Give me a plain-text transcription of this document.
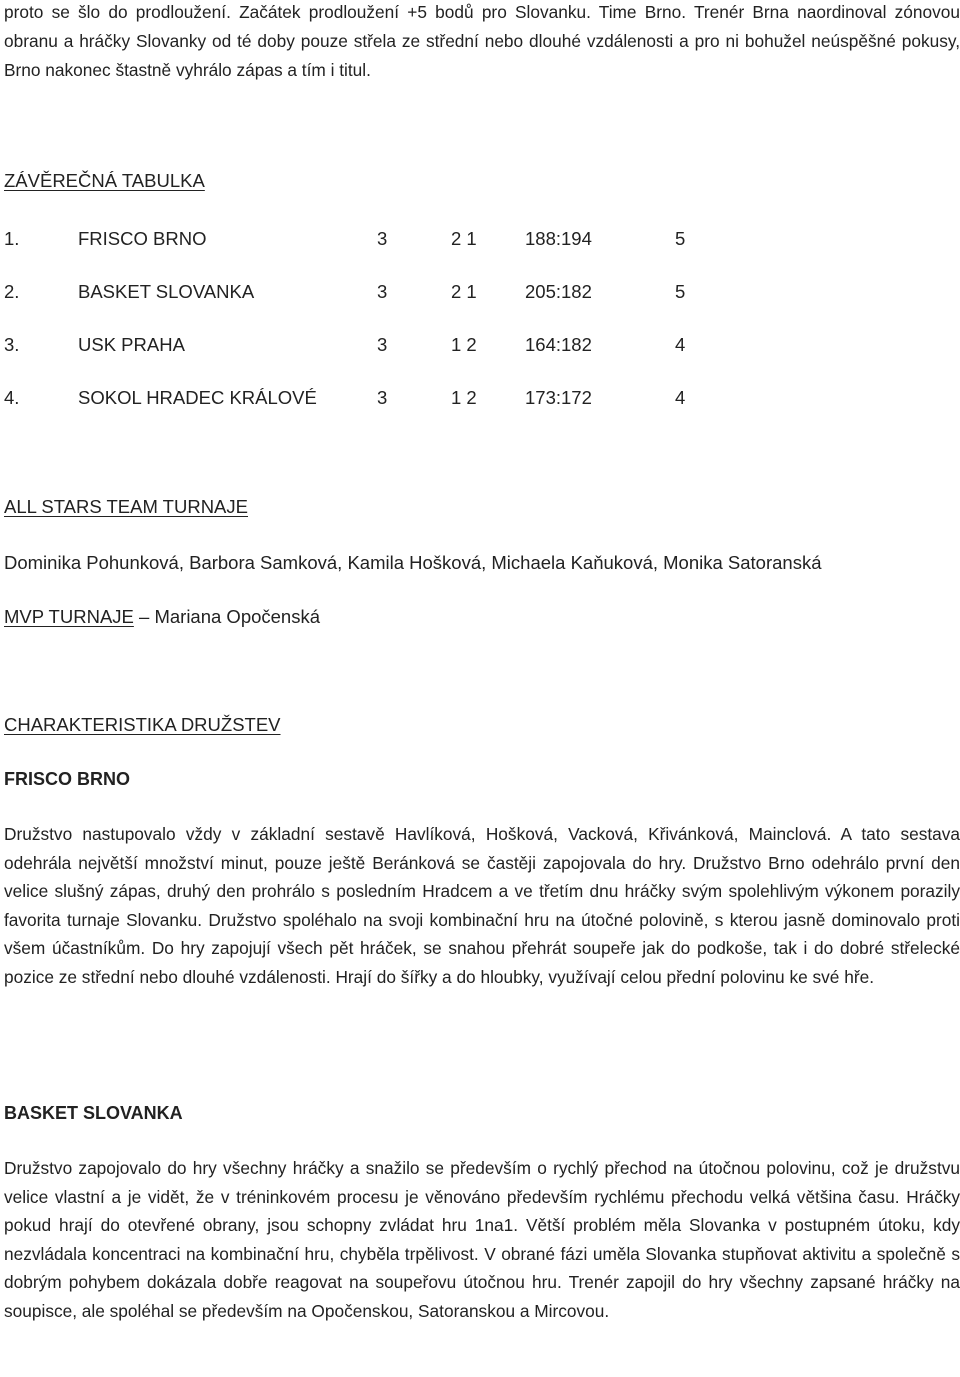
proto se šlo do prodloužení. Začátek prodloužení +5 bodů pro Slovanku. Time Brno. Trenér Brna naordinoval zónovou obranu a hráčky Slovanky od té doby pouze střela ze střední nebo dlouhé vzdálenosti a pro ni bohužel neúspěšné pokusy, Brno nakonec štastně vyhrálo zápas a tím i titul.

ZÁVĚREČNÁ TABULKA
1.	FRISCO BRNO	3	2 1	188:194	5
2.	BASKET SLOVANKA	3	2 1	205:182	5
3.	USK PRAHA	3	1 2	164:182	4
4.	SOKOL HRADEC KRÁLOVÉ	3	1 2	173:172	4
ALL STARS TEAM TURNAJE

Dominika Pohunková, Barbora Samková, Kamila Hošková, Michaela Kaňuková, Monika Satoranská

MVP TURNAJE – Mariana Opočenská

CHARAKTERISTIKA DRUŽSTEV
FRISCO BRNO

Družstvo nastupovalo vždy v základní sestavě Havlíková, Hošková, Vacková, Křivánková, Mainclová. A tato sestava odehrála největší množství minut, pouze ještě Beránková se častěji zapojovala do hry. Družstvo Brno odehrálo první den velice slušný zápas, druhý den prohrálo s posledním Hradcem a ve třetím dnu hráčky svým spolehlivým výkonem porazily favorita turnaje Slovanku. Družstvo spoléhalo na svoji kombinační hru na útočné polovině, s kterou jasně dominovalo proti všem účastníkům. Do hry zapojují všech pět hráček, se snahou přehrát soupeře jak do podkoše, tak i do dobré střelecké pozice ze střední nebo dlouhé vzdálenosti. Hrají do šířky a do hloubky, využívají celou přední polovinu ke své hře.

BASKET SLOVANKA

Družstvo zapojovalo do hry všechny hráčky a snažilo se především o rychlý přechod na útočnou polovinu, což je družstvu velice vlastní a je vidět, že v tréninkovém procesu je věnováno především rychlému přechodu velká většina času. Hráčky pokud hrají do otevřené obrany, jsou schopny zvládat hru 1na1. Větší problém měla Slovanka v postupném útoku, kdy nezvládala koncentraci na kombinační hru, chyběla trpělivost. V obrané fázi uměla Slovanka stupňovat aktivitu a společně s dobrým pohybem dokázala dobře reagovat na soupeřovu útočnou hru. Trenér zapojil do hry všechny zapsané hráčky na soupisce, ale spoléhal se především na Opočenskou, Satoranskou a Mircovou.
